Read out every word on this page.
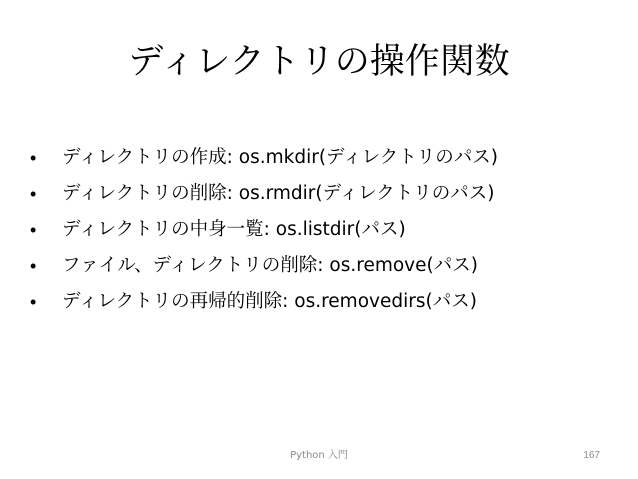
ディレクトリの操作関数
•	ディレクトリの作成: os.mkdir(ディレクトリのパス)
•	ディレクトリの削除: os.rmdir(ディレクトリのパス)
•	ディレクトリの中身一覧: os.listdir(パス)
•	ファイル、ディレクトリの削除: os.remove(パス)
•	ディレクトリの再帰的削除: os.removedirs(パス)
Python 入門	167
